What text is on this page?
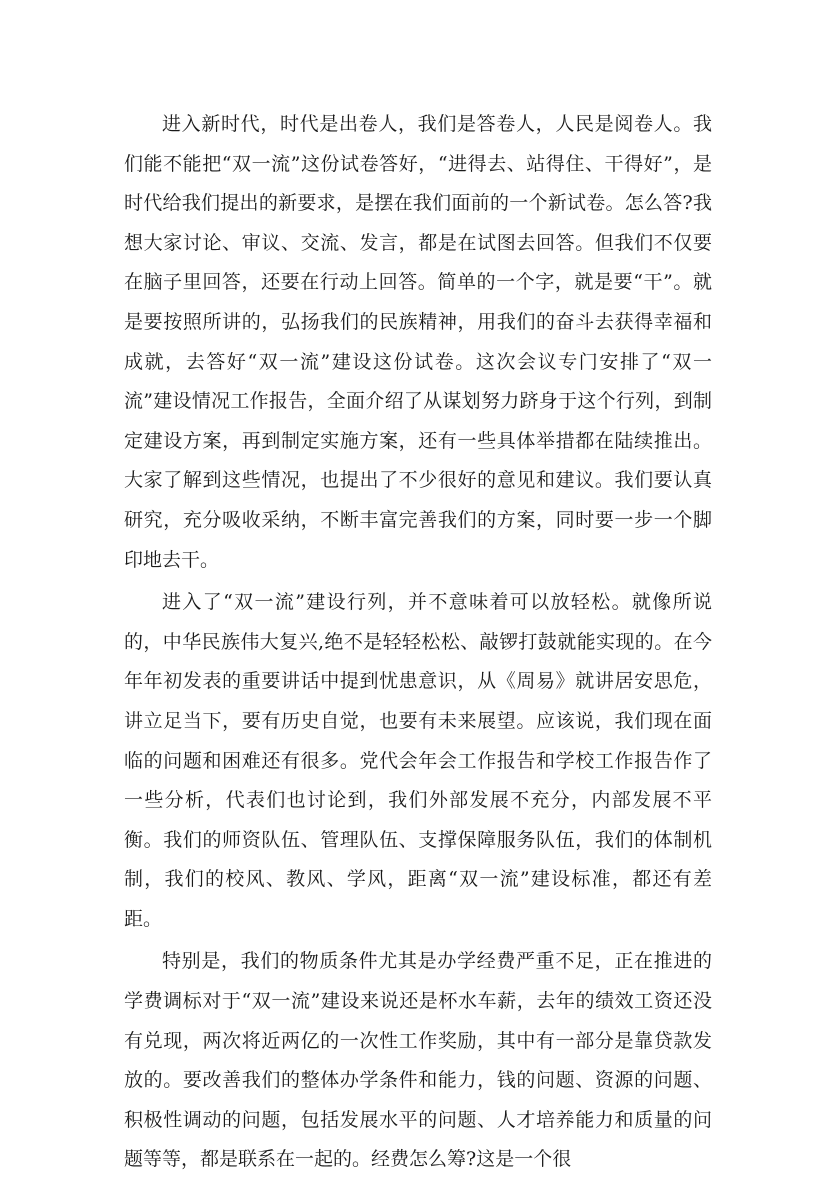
进入新时代，时代是出卷人，我们是答卷人，人民是阅卷人。我们能不能把“双一流”这份试卷答好，“进得去、站得住、干得好”，是时代给我们提出的新要求，是摆在我们面前的一个新试卷。怎么答?我想大家讨论、审议、交流、发言，都是在试图去回答。但我们不仅要在脑子里回答，还要在行动上回答。简单的一个字，就是要“干”。就是要按照所讲的，弘扬我们的民族精神，用我们的奋斗去获得幸福和成就，去答好“双一流”建设这份试卷。这次会议专门安排了“双一流”建设情况工作报告，全面介绍了从谋划努力跻身于这个行列，到制定建设方案，再到制定实施方案，还有一些具体举措都在陆续推出。大家了解到这些情况，也提出了不少很好的意见和建议。我们要认真研究，充分吸收采纳，不断丰富完善我们的方案，同时要一步一个脚印地去干。

进入了“双一流”建设行列，并不意味着可以放轻松。就像所说的，中华民族伟大复兴,绝不是轻轻松松、敲锣打鼓就能实现的。在今年年初发表的重要讲话中提到忧患意识，从《周易》就讲居安思危，讲立足当下，要有历史自觉，也要有未来展望。应该说，我们现在面临的问题和困难还有很多。党代会年会工作报告和学校工作报告作了一些分析，代表们也讨论到，我们外部发展不充分，内部发展不平衡。我们的师资队伍、管理队伍、支撑保障服务队伍，我们的体制机制，我们的校风、教风、学风，距离“双一流”建设标准，都还有差距。

特别是，我们的物质条件尤其是办学经费严重不足，正在推进的学费调标对于“双一流”建设来说还是杯水车薪，去年的绩效工资还没有兑现，两次将近两亿的一次性工作奖励，其中有一部分是靠贷款发放的。要改善我们的整体办学条件和能力，钱的问题、资源的问题、积极性调动的问题，包括发展水平的问题、人才培养能力和质量的问题等等，都是联系在一起的。经费怎么筹?这是一个很
